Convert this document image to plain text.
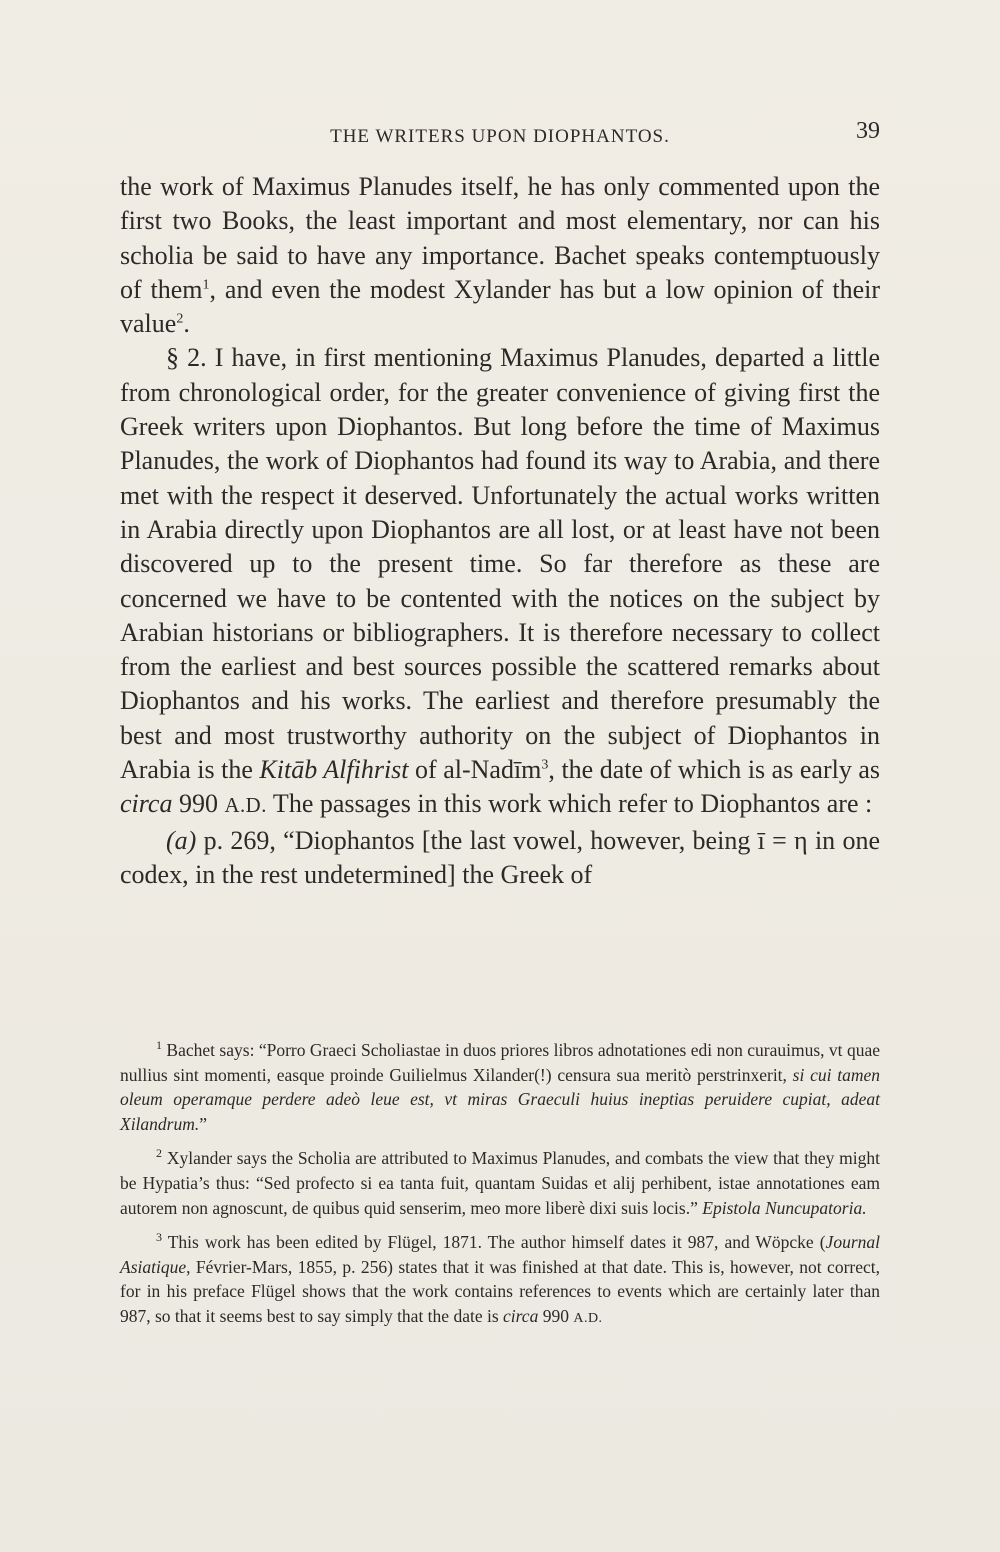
THE WRITERS UPON DIOPHANTOS.	39

the work of Maximus Planudes itself, he has only commented upon the first two Books, the least important and most elementary, nor can his scholia be said to have any importance. Bachet speaks contemptuously of them$^1$, and even the modest Xylander has but a low opinion of their value$^2$.

§ 2. I have, in first mentioning Maximus Planudes, departed a little from chronological order, for the greater convenience of giving first the Greek writers upon Diophantos. But long before the time of Maximus Planudes, the work of Diophantos had found its way to Arabia, and there met with the respect it deserved. Unfortunately the actual works written in Arabia directly upon Diophantos are all lost, or at least have not been discovered up to the present time. So far therefore as these are concerned we have to be contented with the notices on the subject by Arabian historians or bibliographers. It is therefore necessary to collect from the earliest and best sources possible the scattered remarks about Diophantos and his works. The earliest and therefore presumably the best and most trustworthy authority on the subject of Diophantos in Arabia is the Kitāb Alfihrist of al-Nadīm$^3$, the date of which is as early as circa 990 A.D. The passages in this work which refer to Diophantos are :

(a) p. 269, “Diophantos [the last vowel, however, being ī = η in one codex, in the rest undetermined] the Greek of

$^1$ Bachet says: “Porro Graeci Scholiastae in duos priores libros adnotationes edi non curauimus, vt quae nullius sint momenti, easque proinde Guilielmus Xilander(!) censura sua meritò perstrinxerit, si cui tamen oleum operamque perdere adeò leue est, vt miras Graeculi huius ineptias peruidere cupiat, adeat Xilandrum.”

$^2$ Xylander says the Scholia are attributed to Maximus Planudes, and combats the view that they might be Hypatia’s thus: “Sed profecto si ea tanta fuit, quantam Suidas et alij perhibent, istae annotationes eam autorem non agnoscunt, de quibus quid senserim, meo more liberè dixi suis locis.” Epistola Nuncupatoria.

$^3$ This work has been edited by Flügel, 1871. The author himself dates it 987, and Wöpcke (Journal Asiatique, Février-Mars, 1855, p. 256) states that it was finished at that date. This is, however, not correct, for in his preface Flügel shows that the work contains references to events which are certainly later than 987, so that it seems best to say simply that the date is circa 990 A.D.
